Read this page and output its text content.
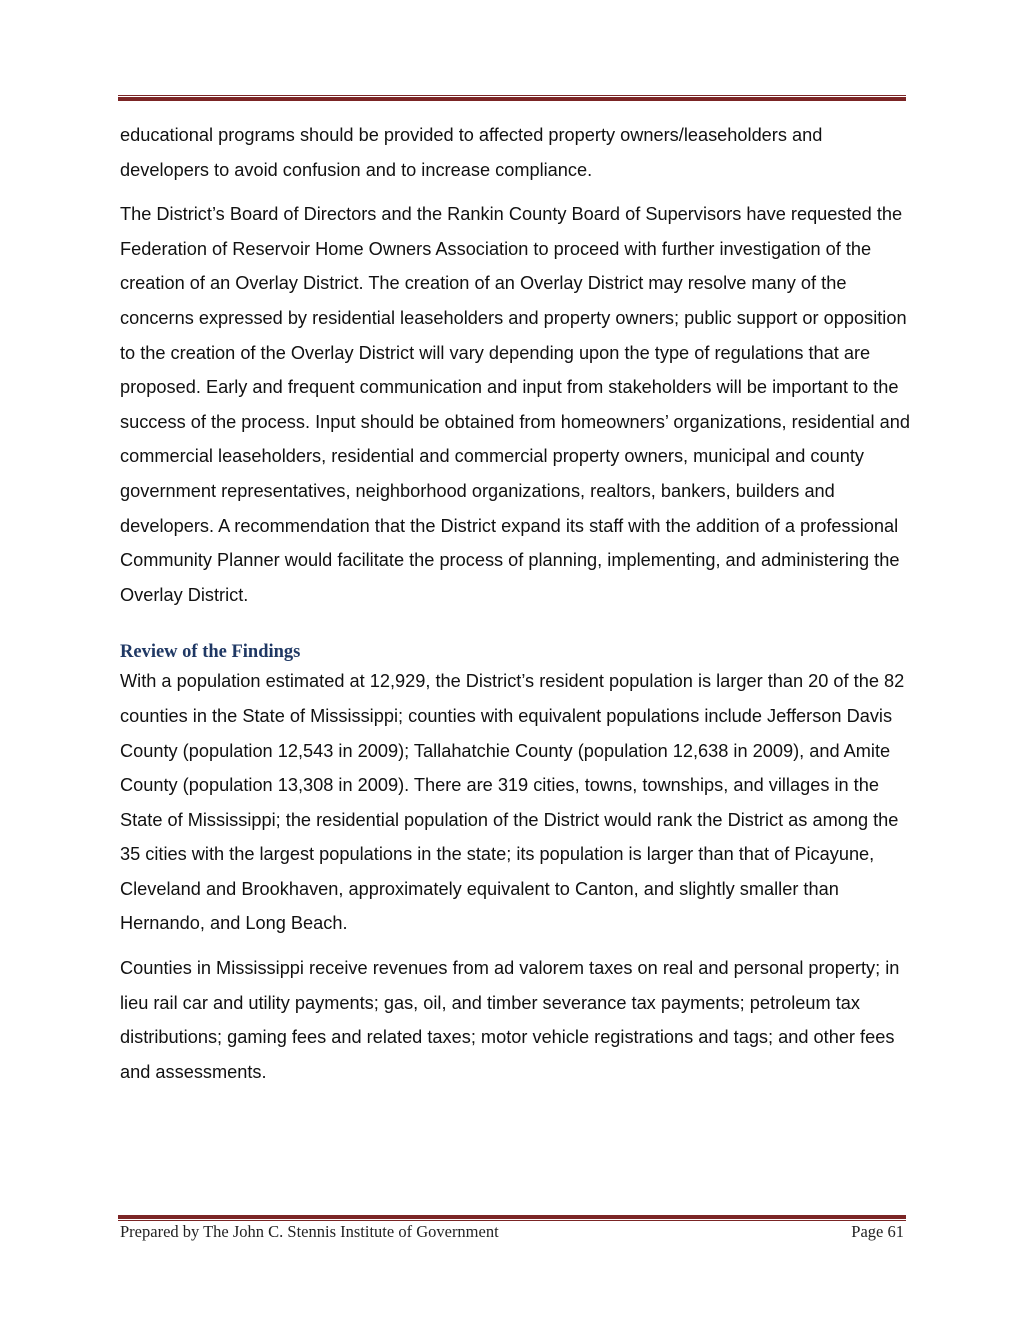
educational programs should be provided to affected property owners/leaseholders and developers to avoid confusion and to increase compliance.

The District’s Board of Directors and the Rankin County Board of Supervisors have requested the Federation of Reservoir Home Owners Association to proceed with further investigation of the creation of an Overlay District. The creation of an Overlay District may resolve many of the concerns expressed by residential leaseholders and property owners; public support or opposition to the creation of the Overlay District will vary depending upon the type of regulations that are proposed. Early and frequent communication and input from stakeholders will be important to the success of the process. Input should be obtained from homeowners’ organizations, residential and commercial leaseholders, residential and commercial property owners, municipal and county government representatives, neighborhood organizations, realtors, bankers, builders and developers. A recommendation that the District expand its staff with the addition of a professional Community Planner would facilitate the process of planning, implementing, and administering the Overlay District.

Review of the Findings

With a population estimated at 12,929, the District’s resident population is larger than 20 of the 82 counties in the State of Mississippi; counties with equivalent populations include Jefferson Davis County (population 12,543 in 2009); Tallahatchie County (population 12,638 in 2009), and Amite County (population 13,308 in 2009). There are 319 cities, towns, townships, and villages in the State of Mississippi; the residential population of the District would rank the District as among the 35 cities with the largest populations in the state; its population is larger than that of Picayune, Cleveland and Brookhaven, approximately equivalent to Canton, and slightly smaller than Hernando, and Long Beach.

Counties in Mississippi receive revenues from ad valorem taxes on real and personal property; in lieu rail car and utility payments; gas, oil, and timber severance tax payments; petroleum tax distributions; gaming fees and related taxes; motor vehicle registrations and tags; and other fees and assessments.

Prepared by The John C. Stennis Institute of Government	Page 61
